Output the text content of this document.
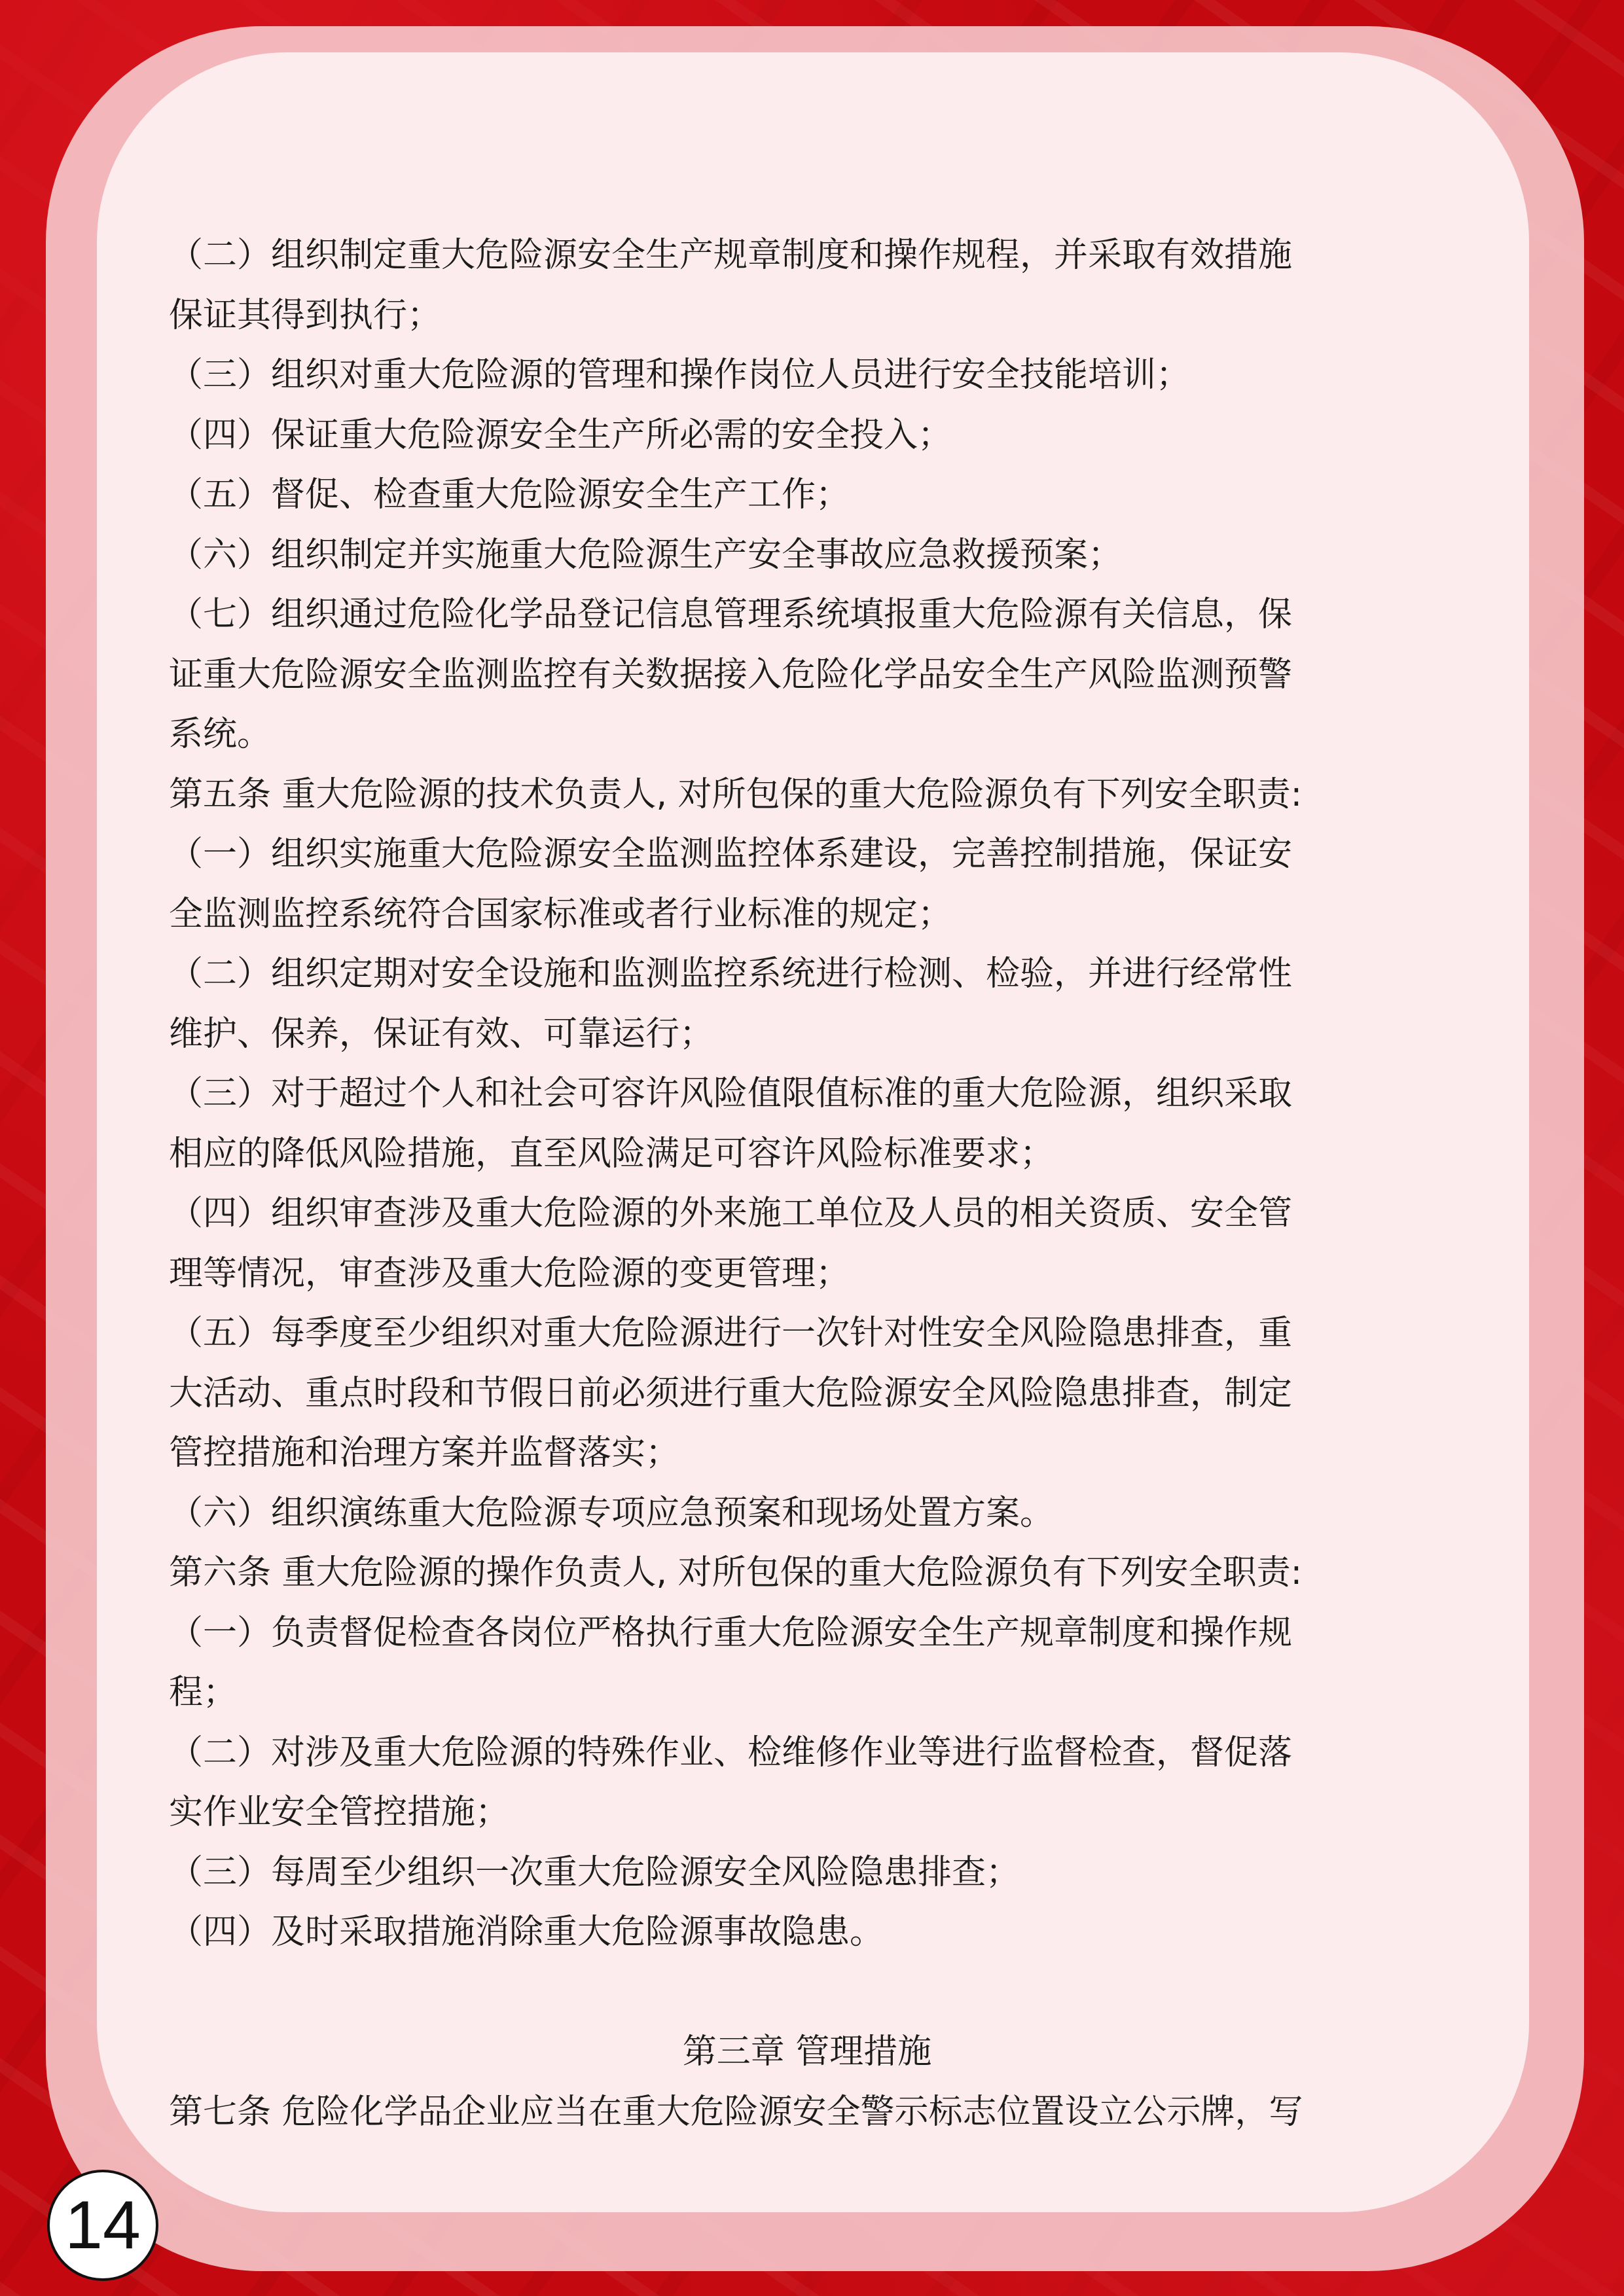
（二）组织制定重大危险源安全生产规章制度和操作规程，并采取有效措施
保证其得到执行；
（三）组织对重大危险源的管理和操作岗位人员进行安全技能培训；
（四）保证重大危险源安全生产所必需的安全投入；
（五）督促、检查重大危险源安全生产工作；
（六）组织制定并实施重大危险源生产安全事故应急救援预案；
（七）组织通过危险化学品登记信息管理系统填报重大危险源有关信息，保
证重大危险源安全监测监控有关数据接入危险化学品安全生产风险监测预警
系统。
第五条 重大危险源的技术负责人, 对所包保的重大危险源负有下列安全职责:
（一）组织实施重大危险源安全监测监控体系建设，完善控制措施，保证安
全监测监控系统符合国家标准或者行业标准的规定；
（二）组织定期对安全设施和监测监控系统进行检测、检验，并进行经常性
维护、保养，保证有效、可靠运行；
（三）对于超过个人和社会可容许风险值限值标准的重大危险源，组织采取
相应的降低风险措施，直至风险满足可容许风险标准要求；
（四）组织审查涉及重大危险源的外来施工单位及人员的相关资质、安全管
理等情况，审查涉及重大危险源的变更管理；
（五）每季度至少组织对重大危险源进行一次针对性安全风险隐患排查，重
大活动、重点时段和节假日前必须进行重大危险源安全风险隐患排查，制定
管控措施和治理方案并监督落实；
（六）组织演练重大危险源专项应急预案和现场处置方案。
第六条 重大危险源的操作负责人, 对所包保的重大危险源负有下列安全职责:
（一）负责督促检查各岗位严格执行重大危险源安全生产规章制度和操作规
程；
（二）对涉及重大危险源的特殊作业、检维修作业等进行监督检查，督促落
实作业安全管控措施；
（三）每周至少组织一次重大危险源安全风险隐患排查；
（四）及时采取措施消除重大危险源事故隐患。
第三章 管理措施
第七条 危险化学品企业应当在重大危险源安全警示标志位置设立公示牌，写
14
